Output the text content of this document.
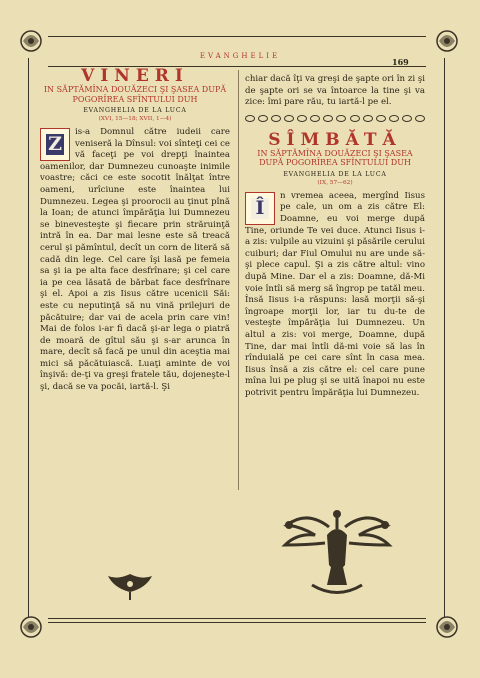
EVANGHELIE
169
VINERI
IN SĂPTĂMÎNA DOUĂZECI ŞI ŞASEA DUPĂ POGORÎREA SFÎNTULUI DUH
EVANGHELIA DE LA LUCA
(XVI, 15—18; XVII, 1—4)

Z
is-a Domnul către iudeii care veniseră la Dînsul: voi sînteţi cei ce vă faceţi pe voi drepţi înaintea oamenilor, dar Dumnezeu cunoaşte inimile voastre; căci ce este socotit înălţat între oameni, urîciune este înaintea lui Dumnezeu. Legea şi proorocii au ţinut pînă la Ioan; de atunci împărăţia lui Dumnezeu se binevesteşte şi fiecare prin străruinţă intră în ea. Dar mai lesne este să treacă cerul şi pămîntul, decît un corn de literă să cadă din lege. Cel care îşi lasă pe femeia sa şi ia pe alta face desfrînare; şi cel care ia pe cea lăsată de bărbat face desfrînare şi el. Apoi a zis Iisus către ucenicii Săi: este cu neputinţă să nu vină prilejuri de păcătuire; dar vai de acela prin care vin! Mai de folos i-ar fi dacă şi-ar lega o piatră de moară de gîtul său şi s-ar arunca în mare, decît să facă pe unul din aceştia mai mici să păcătuiască. Luaţi aminte de voi înşivă: de-ţi va greşi fratele tău, dojeneşte-l şi, dacă se va pocăi, iartă-l. Şi

chiar dacă îţi va greşi de şapte ori în zi şi de şapte ori se va întoarce la tine şi va zice: îmi pare rău, tu iartă-l pe el.

SÎMBĂTĂ
IN SĂPTĂMÎNA DOUĂZECI ŞI ŞASEA DUPĂ POGORÎREA SFÎNTULUI DUH
EVANGHELIA DE LA LUCA
(IX, 57—62)

Î
n vremea aceea, mergînd Iisus pe cale, un om a zis către El: Doamne, eu voi merge după Tine, oriunde Te vei duce. Atunci Iisus i-a zis: vulpile au vizuini şi păsările cerului cuiburi; dar Fiul Omului nu are unde să-şi plece capul. Şi a zis către altul: vino după Mine. Dar el a zis: Doamne, dă-Mi voie întîi să merg să îngrop pe tatăl meu. Însă Iisus i-a răspuns: lasă morţii să-şi îngroape morţii lor, iar tu du-te de vesteşte împărăţia lui Dumnezeu. Un altul a zis: voi merge, Doamne, după Tine, dar mai întîi dă-mi voie să las în rînduială pe cei care sînt în casa mea. Iisus însă a zis către el: cel care pune mîna lui pe plug şi se uită înapoi nu este potrivit pentru împărăţia lui Dumnezeu.
